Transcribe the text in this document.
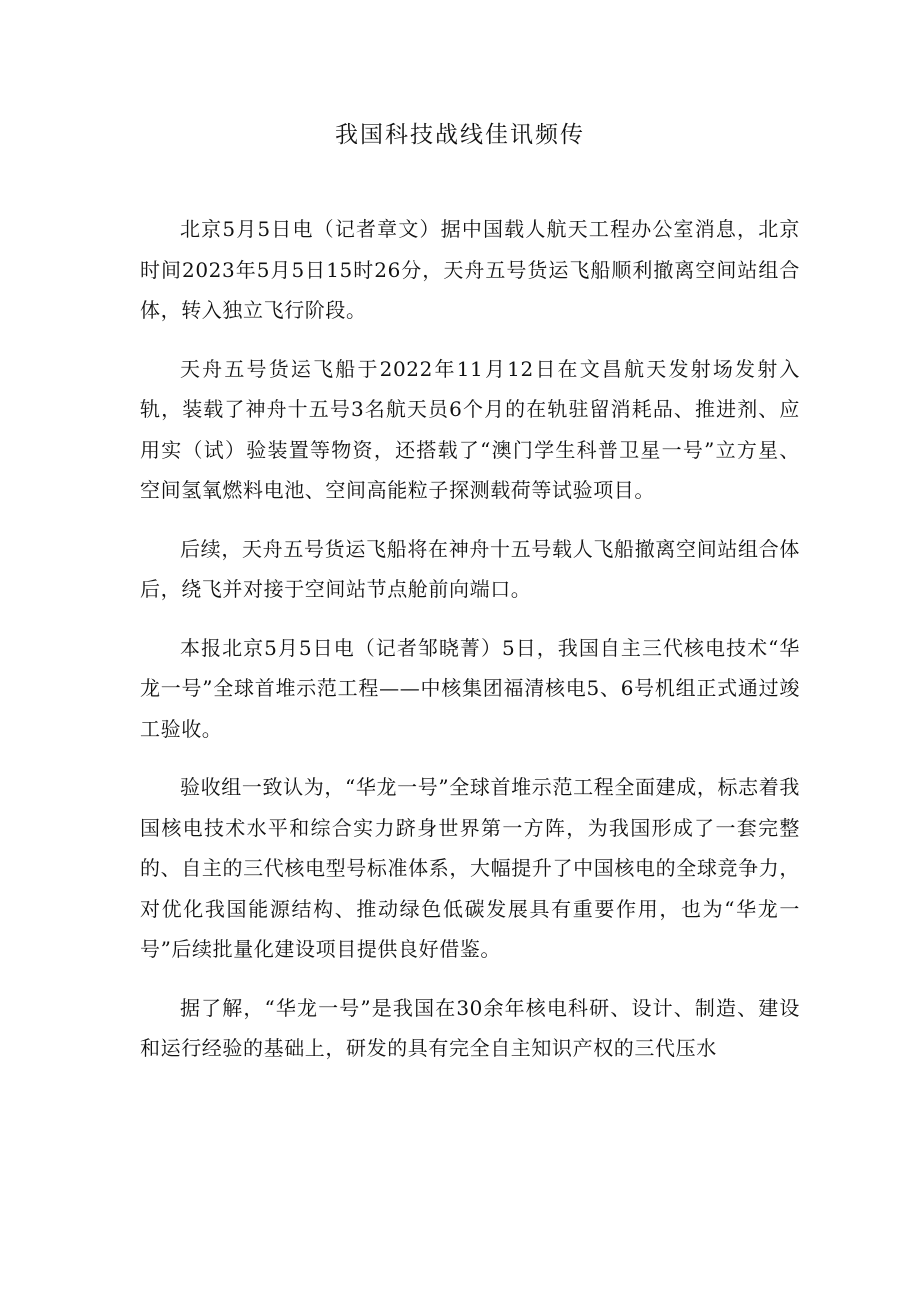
我国科技战线佳讯频传

北京5月5日电（记者章文）据中国载人航天工程办公室消息，北京时间2023年5月5日15时26分，天舟五号货运飞船顺利撤离空间站组合体，转入独立飞行阶段。

天舟五号货运飞船于2022年11月12日在文昌航天发射场发射入轨，装载了神舟十五号3名航天员6个月的在轨驻留消耗品、推进剂、应用实（试）验装置等物资，还搭载了“澳门学生科普卫星一号”立方星、空间氢氧燃料电池、空间高能粒子探测载荷等试验项目。

后续，天舟五号货运飞船将在神舟十五号载人飞船撤离空间站组合体后，绕飞并对接于空间站节点舱前向端口。

本报北京5月5日电（记者邹晓菁）5日，我国自主三代核电技术“华龙一号”全球首堆示范工程——中核集团福清核电5、6号机组正式通过竣工验收。

验收组一致认为，“华龙一号”全球首堆示范工程全面建成，标志着我国核电技术水平和综合实力跻身世界第一方阵，为我国形成了一套完整的、自主的三代核电型号标准体系，大幅提升了中国核电的全球竞争力，对优化我国能源结构、推动绿色低碳发展具有重要作用，也为“华龙一号”后续批量化建设项目提供良好借鉴。

据了解，“华龙一号”是我国在30余年核电科研、设计、制造、建设和运行经验的基础上，研发的具有完全自主知识产权的三代压水
